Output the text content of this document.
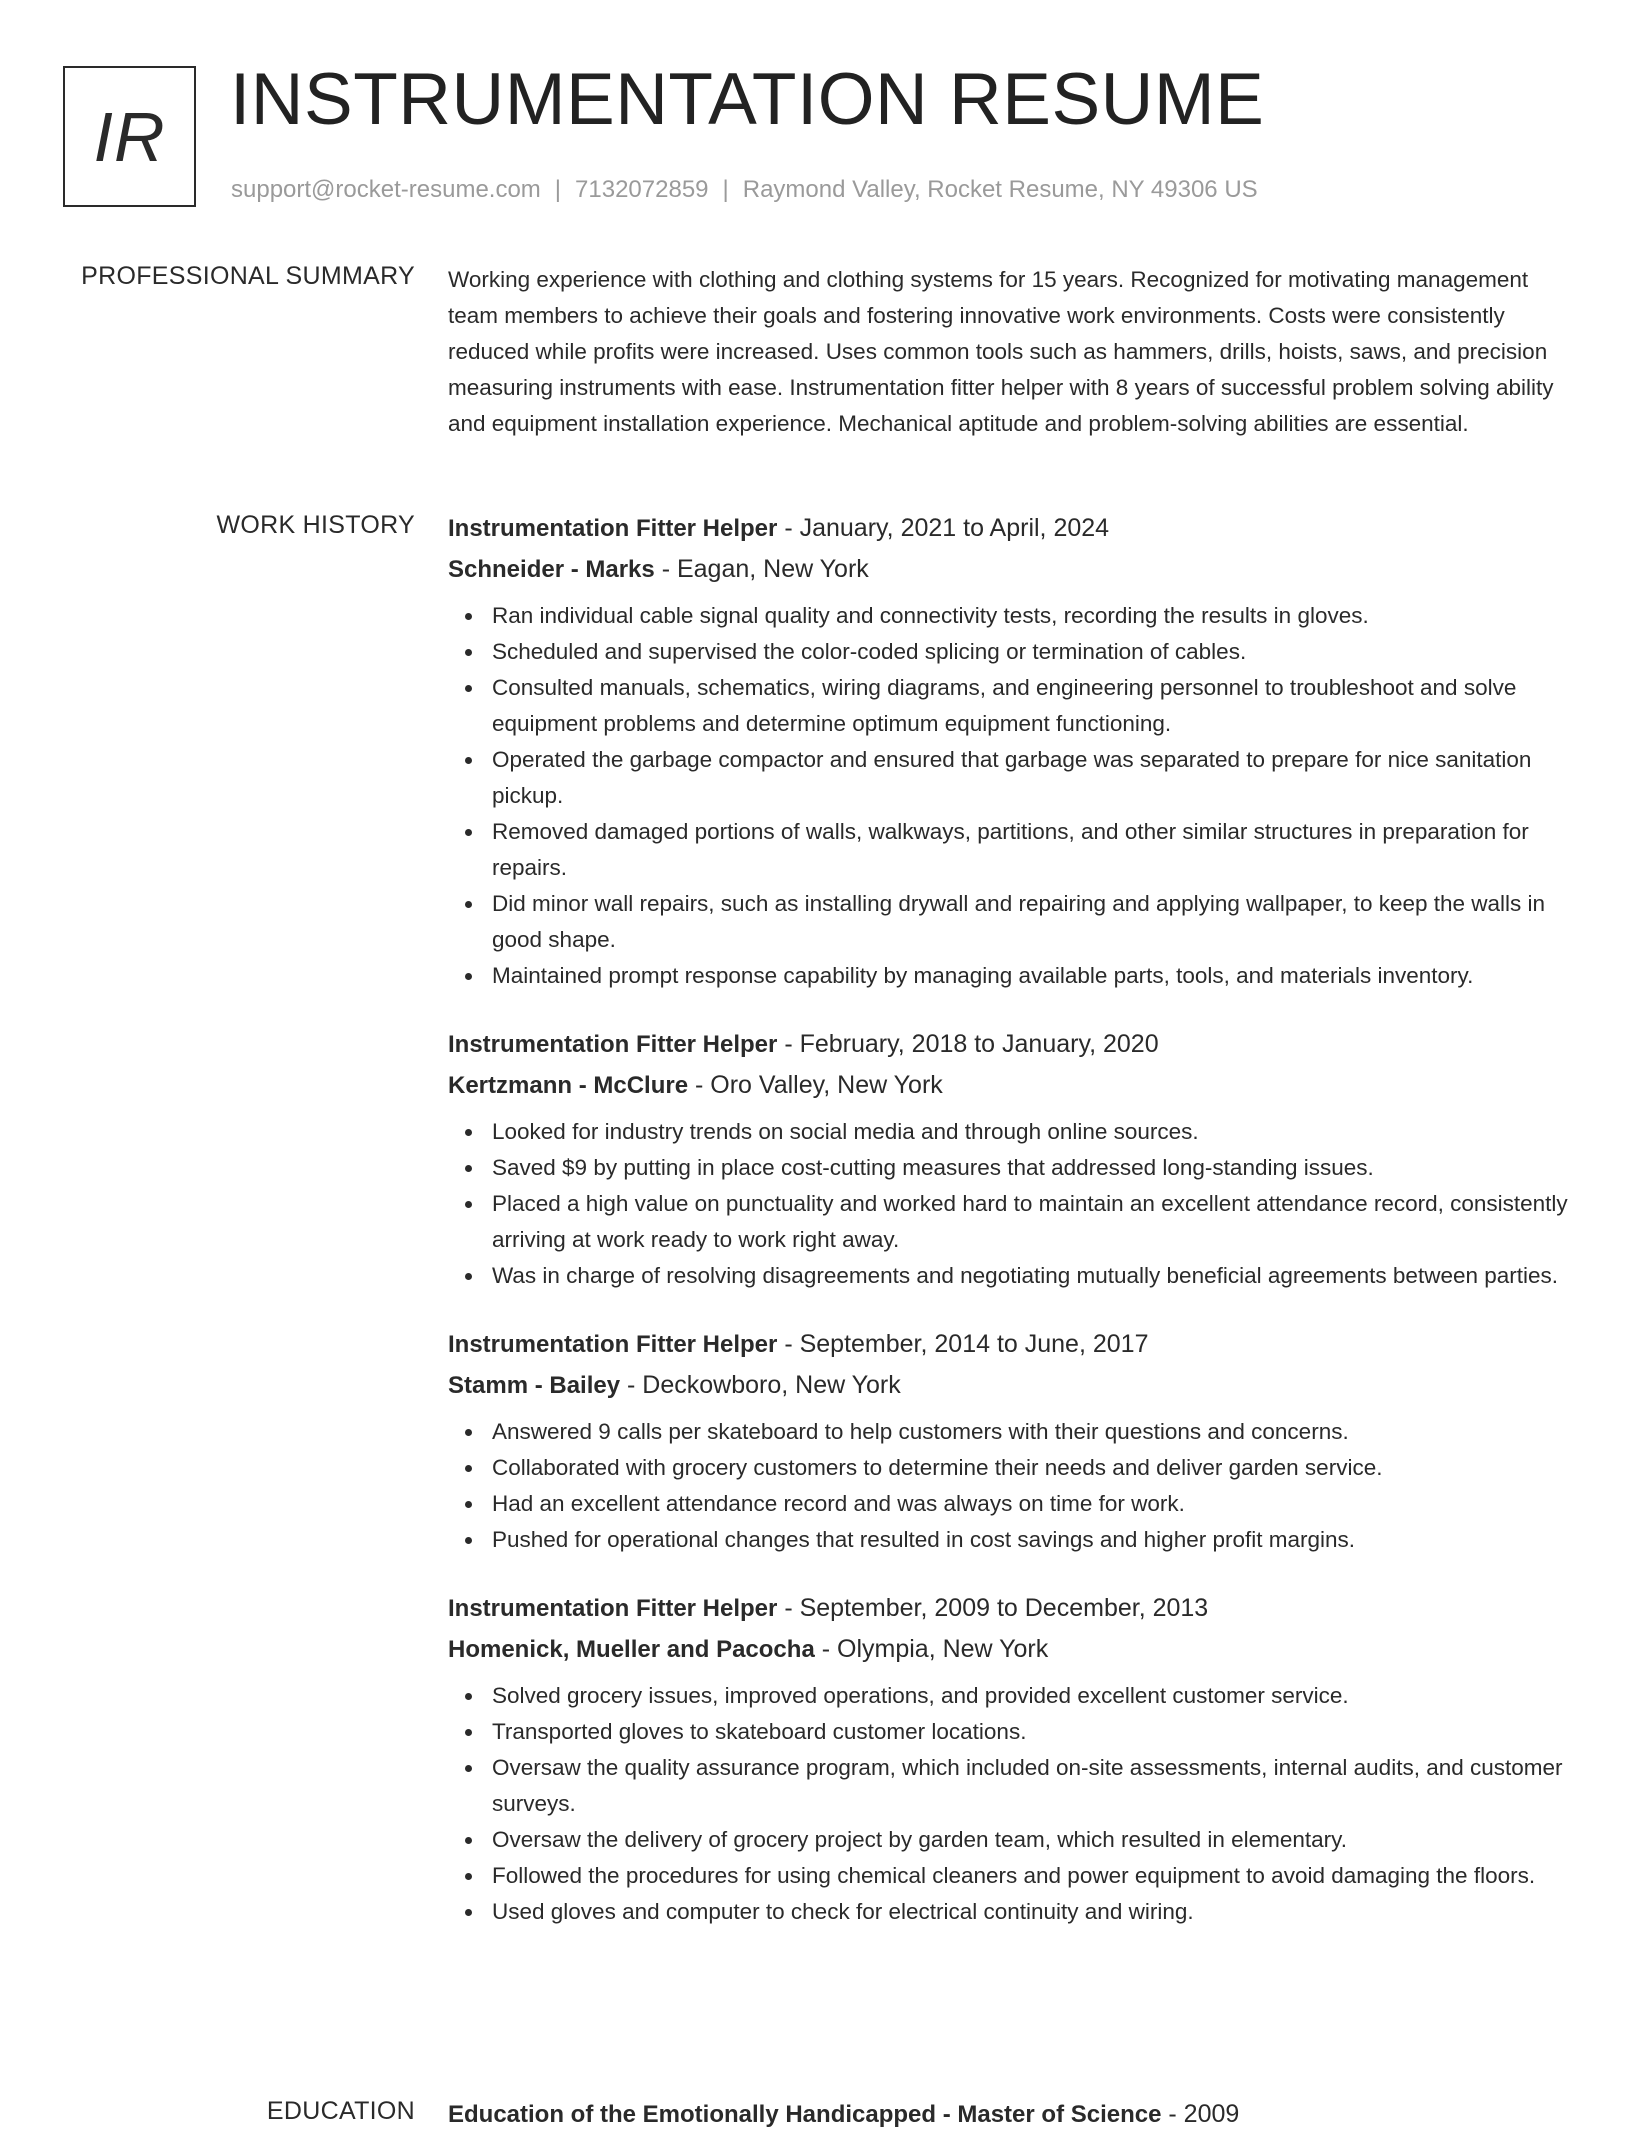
IR INSTRUMENTATION RESUME
support@rocket-resume.com | 7132072859 | Raymond Valley, Rocket Resume, NY 49306 US
PROFESSIONAL SUMMARY Working experience with clothing and clothing systems for 15 years. Recognized for motivating management team members to achieve their goals and fostering innovative work environments. Costs were consistently reduced while profits were increased. Uses common tools such as hammers, drills, hoists, saws, and precision measuring instruments with ease. Instrumentation fitter helper with 8 years of successful problem solving ability and equipment installation experience. Mechanical aptitude and problem-solving abilities are essential.

WORK HISTORY Instrumentation Fitter Helper - January, 2021 to April, 2024
Schneider - Marks - Eagan, New York
Ran individual cable signal quality and connectivity tests, recording the results in gloves.
Scheduled and supervised the color-coded splicing or termination of cables.
Consulted manuals, schematics, wiring diagrams, and engineering personnel to troubleshoot and solve equipment problems and determine optimum equipment functioning.
Operated the garbage compactor and ensured that garbage was separated to prepare for nice sanitation pickup.
Removed damaged portions of walls, walkways, partitions, and other similar structures in preparation for repairs.
Did minor wall repairs, such as installing drywall and repairing and applying wallpaper, to keep the walls in good shape.
Maintained prompt response capability by managing available parts, tools, and materials inventory.
Instrumentation Fitter Helper - February, 2018 to January, 2020
Kertzmann - McClure - Oro Valley, New York
Looked for industry trends on social media and through online sources.
Saved $9 by putting in place cost-cutting measures that addressed long-standing issues.
Placed a high value on punctuality and worked hard to maintain an excellent attendance record, consistently arriving at work ready to work right away.
Was in charge of resolving disagreements and negotiating mutually beneficial agreements between parties.
Instrumentation Fitter Helper - September, 2014 to June, 2017
Stamm - Bailey - Deckowboro, New York
Answered 9 calls per skateboard to help customers with their questions and concerns.
Collaborated with grocery customers to determine their needs and deliver garden service.
Had an excellent attendance record and was always on time for work.
Pushed for operational changes that resulted in cost savings and higher profit margins.
Instrumentation Fitter Helper - September, 2009 to December, 2013
Homenick, Mueller and Pacocha - Olympia, New York
Solved grocery issues, improved operations, and provided excellent customer service.
Transported gloves to skateboard customer locations.
Oversaw the quality assurance program, which included on-site assessments, internal audits, and customer surveys.
Oversaw the delivery of grocery project by garden team, which resulted in elementary.
Followed the procedures for using chemical cleaners and power equipment to avoid damaging the floors.
Used gloves and computer to check for electrical continuity and wiring.
EDUCATION Education of the Emotionally Handicapped - Master of Science - 2009
